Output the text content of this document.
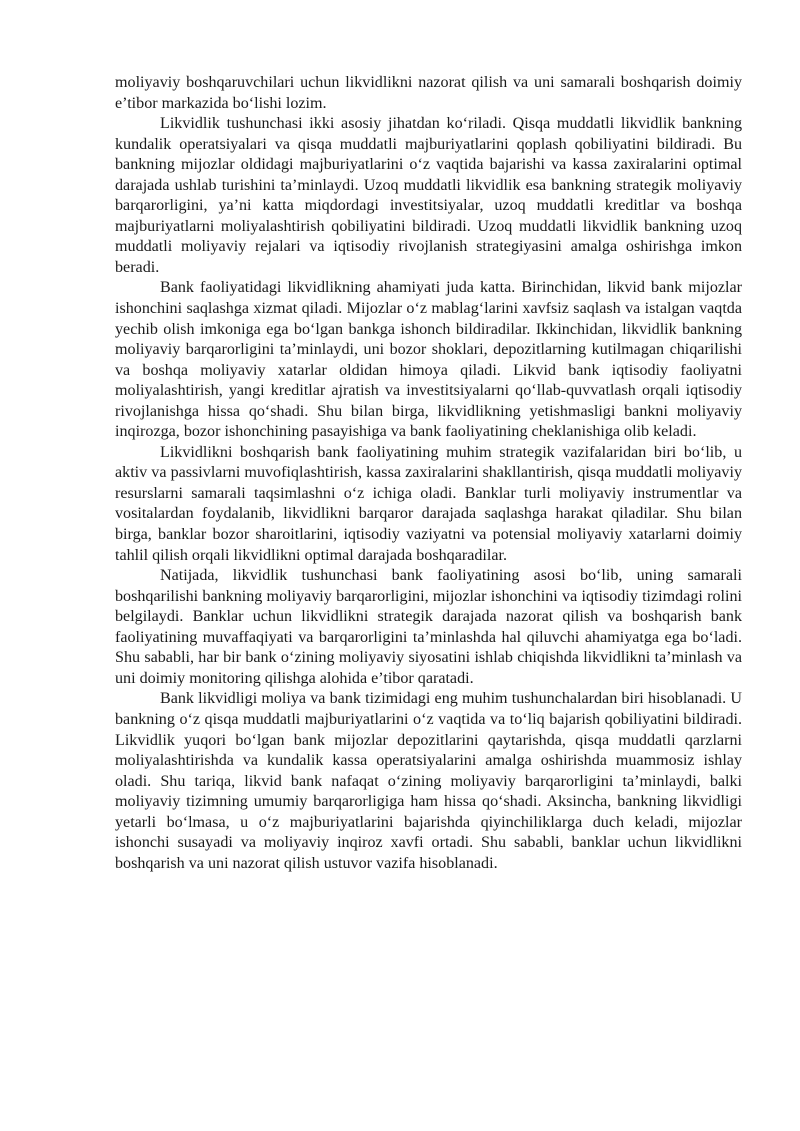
moliyaviy boshqaruvchilari uchun likvidlikni nazorat qilish va uni samarali boshqarish doimiy e’tibor markazida bo‘lishi lozim.

Likvidlik tushunchasi ikki asosiy jihatdan ko‘riladi. Qisqa muddatli likvidlik bankning kundalik operatsiyalari va qisqa muddatli majburiyatlarini qoplash qobiliyatini bildiradi. Bu bankning mijozlar oldidagi majburiyatlarini o‘z vaqtida bajarishi va kassa zaxiralarini optimal darajada ushlab turishini ta’minlaydi. Uzoq muddatli likvidlik esa bankning strategik moliyaviy barqarorligini, ya’ni katta miqdordagi investitsiyalar, uzoq muddatli kreditlar va boshqa majburiyatlarni moliyalashtirish qobiliyatini bildiradi. Uzoq muddatli likvidlik bankning uzoq muddatli moliyaviy rejalari va iqtisodiy rivojlanish strategiyasini amalga oshirishga imkon beradi.

Bank faoliyatidagi likvidlikning ahamiyati juda katta. Birinchidan, likvid bank mijozlar ishonchini saqlashga xizmat qiladi. Mijozlar o‘z mablag‘larini xavfsiz saqlash va istalgan vaqtda yechib olish imkoniga ega bo‘lgan bankga ishonch bildiradilar. Ikkinchidan, likvidlik bankning moliyaviy barqarorligini ta’minlaydi, uni bozor shoklari, depozitlarning kutilmagan chiqarilishi va boshqa moliyaviy xatarlar oldidan himoya qiladi. Likvid bank iqtisodiy faoliyatni moliyalashtirish, yangi kreditlar ajratish va investitsiyalarni qo‘llab-quvvatlash orqali iqtisodiy rivojlanishga hissa qo‘shadi. Shu bilan birga, likvidlikning yetishmasligi bankni moliyaviy inqirozga, bozor ishonchining pasayishiga va bank faoliyatining cheklanishiga olib keladi.

Likvidlikni boshqarish bank faoliyatining muhim strategik vazifalaridan biri bo‘lib, u aktiv va passivlarni muvofiqlashtirish, kassa zaxiralarini shakllantirish, qisqa muddatli moliyaviy resurslarni samarali taqsimlashni o‘z ichiga oladi. Banklar turli moliyaviy instrumentlar va vositalardan foydalanib, likvidlikni barqaror darajada saqlashga harakat qiladilar. Shu bilan birga, banklar bozor sharoitlarini, iqtisodiy vaziyatni va potensial moliyaviy xatarlarni doimiy tahlil qilish orqali likvidlikni optimal darajada boshqaradilar.

Natijada, likvidlik tushunchasi bank faoliyatining asosi bo‘lib, uning samarali boshqarilishi bankning moliyaviy barqarorligini, mijozlar ishonchini va iqtisodiy tizimdagi rolini belgilaydi. Banklar uchun likvidlikni strategik darajada nazorat qilish va boshqarish bank faoliyatining muvaffaqiyati va barqarorligini ta’minlashda hal qiluvchi ahamiyatga ega bo‘ladi. Shu sababli, har bir bank o‘zining moliyaviy siyosatini ishlab chiqishda likvidlikni ta’minlash va uni doimiy monitoring qilishga alohida e’tibor qaratadi.

Bank likvidligi moliya va bank tizimidagi eng muhim tushunchalardan biri hisoblanadi. U bankning o‘z qisqa muddatli majburiyatlarini o‘z vaqtida va to‘liq bajarish qobiliyatini bildiradi. Likvidlik yuqori bo‘lgan bank mijozlar depozitlarini qaytarishda, qisqa muddatli qarzlarni moliyalashtirishda va kundalik kassa operatsiyalarini amalga oshirishda muammosiz ishlay oladi. Shu tariqa, likvid bank nafaqat o‘zining moliyaviy barqarorligini ta’minlaydi, balki moliyaviy tizimning umumiy barqarorligiga ham hissa qo‘shadi. Aksincha, bankning likvidligi yetarli bo‘lmasa, u o‘z majburiyatlarini bajarishda qiyinchiliklarga duch keladi, mijozlar ishonchi susayadi va moliyaviy inqiroz xavfi ortadi. Shu sababli, banklar uchun likvidlikni boshqarish va uni nazorat qilish ustuvor vazifa hisoblanadi.
